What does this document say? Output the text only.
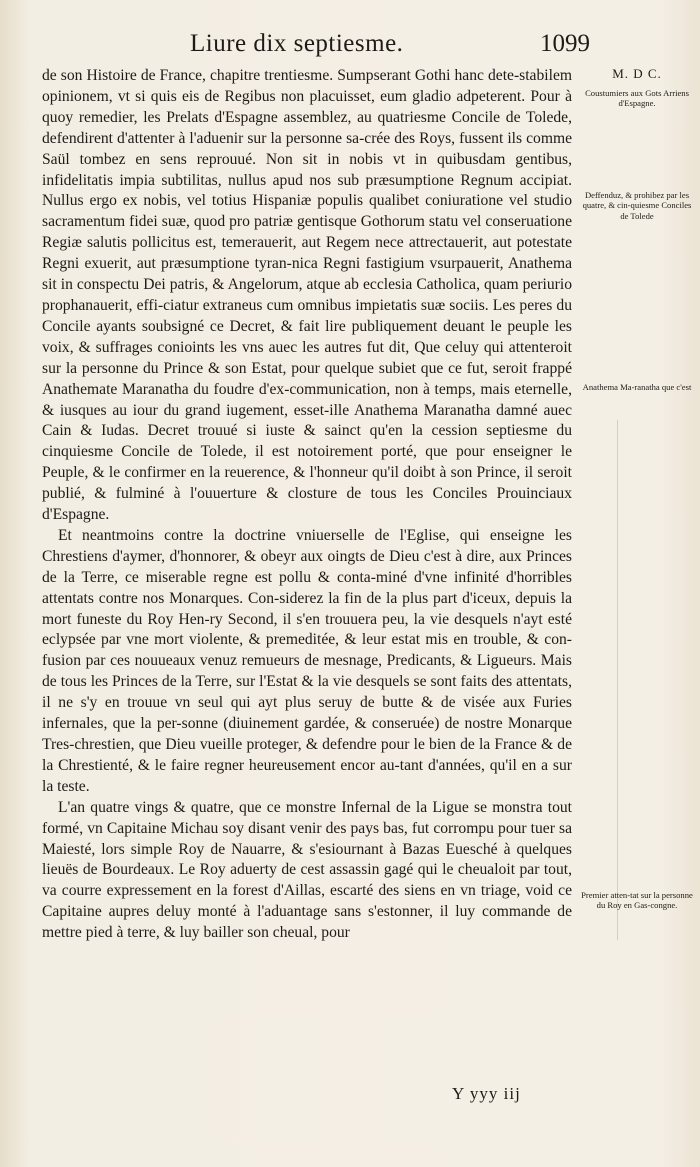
Liure dix septiesme.	1099

de son Histoire de France, chapitre trentiesme. Sumpserant Gothi hanc dete-stabilem opinionem, vt si quis eis de Regibus non placuisset, eum gladio adpeterent. Pour à quoy remedier, les Prelats d'Espagne assemblez, au quatriesme Concile de Tolede, defendirent d'attenter à l'aduenir sur la personne sa-crée des Roys, fussent ils comme Saül tombez en sens reprouué. Non sit in nobis vt in quibusdam gentibus, infidelitatis impia subtilitas, nullus apud nos sub præsumptione Regnum accipiat. Nullus ergo ex nobis, vel totius Hispaniæ populis qualibet coniuratione vel studio sacramentum fidei suæ, quod pro patriæ gentisque Gothorum statu vel conseruatione Regiæ salutis pollicitus est, temerauerit, aut Regem nece attrectauerit, aut potestate Regni exuerit, aut præsumptione tyran-nica Regni fastigium vsurpauerit, Anathema sit in conspectu Dei patris, & Angelorum, atque ab ecclesia Catholica, quam periurio prophanauerit, effi-ciatur extraneus cum omnibus impietatis suæ sociis. Les peres du Concile ayants soubsigné ce Decret, & fait lire publiquement deuant le peuple les voix, & suffrages conioints les vns auec les autres fut dit, Que celuy qui attenteroit sur la personne du Prince & son Estat, pour quelque subiet que ce fut, seroit frappé Anathemate Maranatha du foudre d'ex-communication, non à temps, mais eternelle, & iusques au iour du grand iugement, esset-ille Anathema Maranatha damné auec Cain & Iudas. Decret trouué si iuste & sainct qu'en la cession septiesme du cinquiesme Concile de Tolede, il est notoirement porté, que pour enseigner le Peuple, & le confirmer en la reuerence, & l'honneur qu'il doibt à son Prince, il seroit publié, & fulminé à l'ouuerture & closture de tous les Conciles Prouinciaux d'Espagne.

Et neantmoins contre la doctrine vniuerselle de l'Eglise, qui enseigne les Chrestiens d'aymer, d'honnorer, & obeyr aux oingts de Dieu c'est à dire, aux Princes de la Terre, ce miserable regne est pollu & conta-miné d'vne infinité d'horribles attentats contre nos Monarques. Con-siderez la fin de la plus part d'iceux, depuis la mort funeste du Roy Hen-ry Second, il s'en trouuera peu, la vie desquels n'ayt esté eclypsée par vne mort violente, & premeditée, & leur estat mis en trouble, & con-fusion par ces nouueaux venuz remueurs de mesnage, Predicants, & Ligueurs. Mais de tous les Princes de la Terre, sur l'Estat & la vie desquels se sont faits des attentats, il ne s'y en trouue vn seul qui ayt plus seruy de butte & de visée aux Furies infernales, que la per-sonne (diuinement gardée, & conseruée) de nostre Monarque Tres-chrestien, que Dieu vueille proteger, & defendre pour le bien de la France & de la Chrestienté, & le faire regner heureusement encor au-tant d'années, qu'il en a sur la teste.

L'an quatre vings & quatre, que ce monstre Infernal de la Ligue se monstra tout formé, vn Capitaine Michau soy disant venir des pays bas, fut corrompu pour tuer sa Maiesté, lors simple Roy de Nauarre, & s'esiournant à Bazas Euesché à quelques lieuës de Bourdeaux. Le Roy aduerty de cest assassin gagé qui le cheualoit par tout, va courre expressement en la forest d'Aillas, escarté des siens en vn triage, void ce Capitaine aupres deluy monté à l'aduantage sans s'estonner, il luy commande de mettre pied à terre, & luy bailler son cheual, pour

M. D C.
Coustumiers aux Gots Arriens d'Espagne.
Deffenduz, & prohibez par les quatre, & cin-quiesme Conciles de Tolede
Anathema Ma-ranatha que c'est
Premier atten-tat sur la personne du Roy en Gas-congne.
Y yyy iij
